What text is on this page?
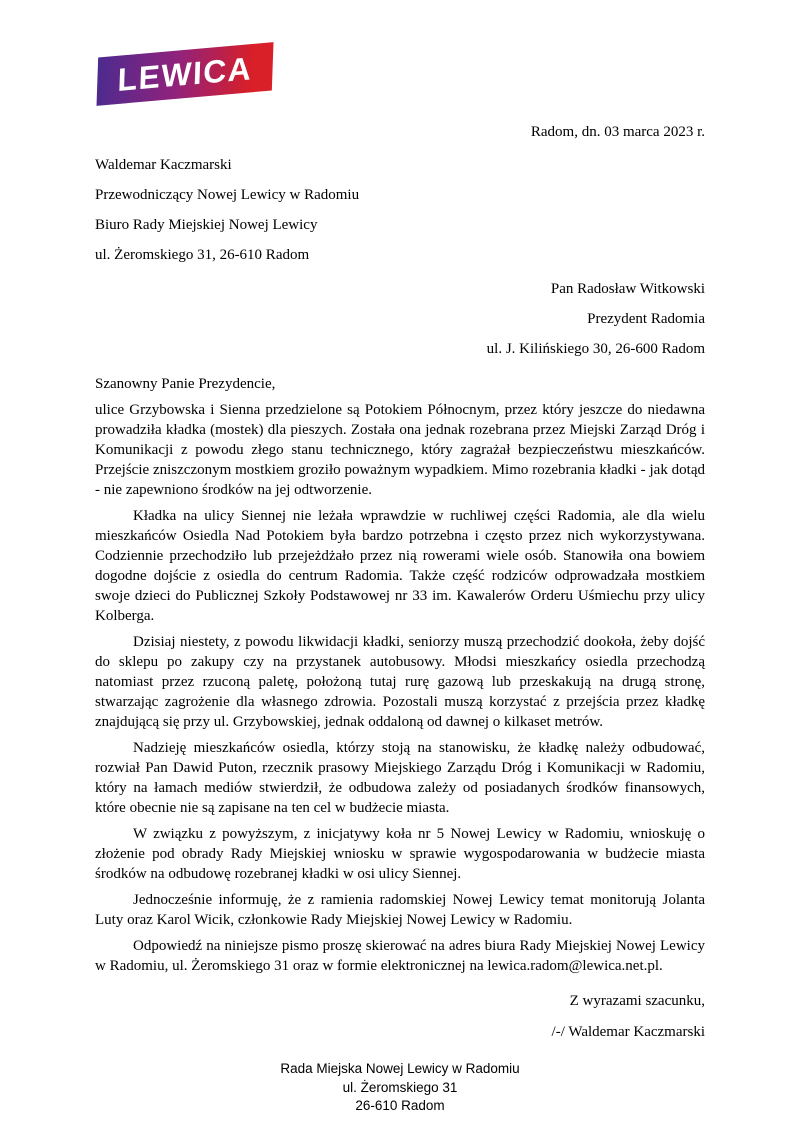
LEWICA
Radom, dn. 03 marca 2023 r.
Waldemar Kaczmarski
Przewodniczący Nowej Lewicy w Radomiu
Biuro Rady Miejskiej Nowej Lewicy
ul. Żeromskiego 31, 26-610 Radom
Pan Radosław Witkowski
Prezydent Radomia
ul. J. Kilińskiego 30, 26-600 Radom
Szanowny Panie Prezydencie,

ulice Grzybowska i Sienna przedzielone są Potokiem Północnym, przez który jeszcze do niedawna prowadziła kładka (mostek) dla pieszych. Została ona jednak rozebrana przez Miejski Zarząd Dróg i Komunikacji z powodu złego stanu technicznego, który zagrażał bezpieczeństwu mieszkańców. Przejście zniszczonym mostkiem groziło poważnym wypadkiem. Mimo rozebrania kładki - jak dotąd - nie zapewniono środków na jej odtworzenie.

Kładka na ulicy Siennej nie leżała wprawdzie w ruchliwej części Radomia, ale dla wielu mieszkańców Osiedla Nad Potokiem była bardzo potrzebna i często przez nich wykorzystywana. Codziennie przechodziło lub przejeżdżało przez nią rowerami wiele osób. Stanowiła ona bowiem dogodne dojście z osiedla do centrum Radomia. Także część rodziców odprowadzała mostkiem swoje dzieci do Publicznej Szkoły Podstawowej nr 33 im. Kawalerów Orderu Uśmiechu przy ulicy Kolberga.

Dzisiaj niestety, z powodu likwidacji kładki, seniorzy muszą przechodzić dookoła, żeby dojść do sklepu po zakupy czy na przystanek autobusowy. Młodsi mieszkańcy osiedla przechodzą natomiast przez rzuconą paletę, położoną tutaj rurę gazową lub przeskakują na drugą stronę, stwarzając zagrożenie dla własnego zdrowia. Pozostali muszą korzystać z przejścia przez kładkę znajdującą się przy ul. Grzybowskiej, jednak oddaloną od dawnej o kilkaset metrów.

Nadzieję mieszkańców osiedla, którzy stoją na stanowisku, że kładkę należy odbudować, rozwiał Pan Dawid Puton, rzecznik prasowy Miejskiego Zarządu Dróg i Komunikacji w Radomiu, który na łamach mediów stwierdził, że odbudowa zależy od posiadanych środków finansowych, które obecnie nie są zapisane na ten cel w budżecie miasta.

W związku z powyższym, z inicjatywy koła nr 5 Nowej Lewicy w Radomiu, wnioskuję o złożenie pod obrady Rady Miejskiej wniosku w sprawie wygospodarowania w budżecie miasta środków na odbudowę rozebranej kładki w osi ulicy Siennej.

Jednocześnie informuję, że z ramienia radomskiej Nowej Lewicy temat monitorują Jolanta Luty oraz Karol Wicik, członkowie Rady Miejskiej Nowej Lewicy w Radomiu.

Odpowiedź na niniejsze pismo proszę skierować na adres biura Rady Miejskiej Nowej Lewicy w Radomiu, ul. Żeromskiego 31 oraz w formie elektronicznej na lewica.radom@lewica.net.pl.

Z wyrazami szacunku,
/-/ Waldemar Kaczmarski
Rada Miejska Nowej Lewicy w Radomiu
ul. Żeromskiego 31
26-610 Radom
